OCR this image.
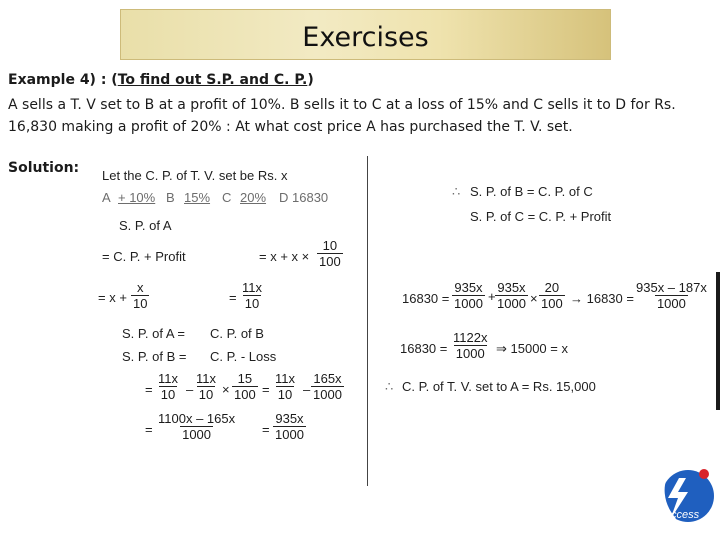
Exercises
Example 4) : (To find out S.P. and C. P.)
A sells a T. V set to B at a profit of 10%. B sells it to C at a loss of 15% and C sells it to D for Rs. 16,830 making a profit of 20% : At what cost price A has purchased the T. V. set.
Solution: Let the C. P. of T. V. set be Rs. x
A + 10% B 15% C 20% D 16830
S. P. of A
= C. P. + Profit	= $x + x \times \frac{10}{100}$
= $x + \frac{x}{10}$	= $\frac{11x}{10}$
S. P. of A = C. P. of B
S. P. of B = C. P. - Loss
= $\frac{11x}{10} - \frac{11x}{10} \times \frac{15}{100} = \frac{11x}{10} - \frac{165x}{1000}$
= $\frac{1100x - 165x}{1000} = \frac{935x}{1000}$
∴ S. P. of B = C. P. of C
S. P. of C = C. P. + Profit
$16830 = \frac{935x}{1000} + \frac{935x}{1000} \times \frac{20}{100} \to 16830 = \frac{935x - 187x}{1000}$
$16830 = \frac{1122x}{1000}$ ⇒ 15000 = x
∴ C. P. of T. V. set to A = Rs. 15,000
uccess
